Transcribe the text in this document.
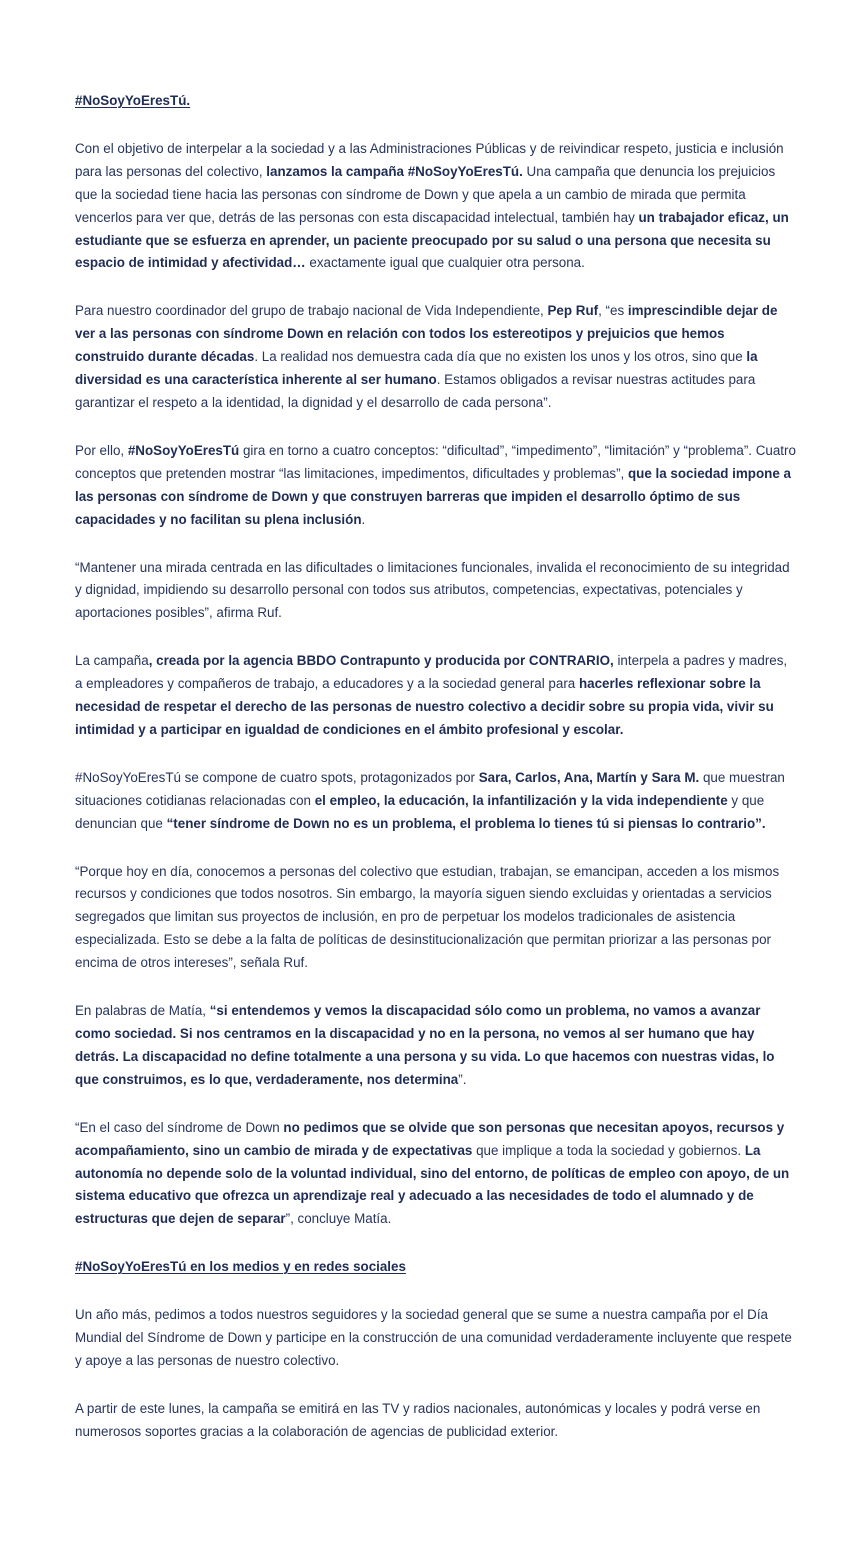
#NoSoyYoEresTú.

Con el objetivo de interpelar a la sociedad y a las Administraciones Públicas y de reivindicar respeto, justicia e inclusión para las personas del colectivo, lanzamos la campaña #NoSoyYoEresTú. Una campaña que denuncia los prejuicios que la sociedad tiene hacia las personas con síndrome de Down y que apela a un cambio de mirada que permita vencerlos para ver que, detrás de las personas con esta discapacidad intelectual, también hay un trabajador eficaz, un estudiante que se esfuerza en aprender, un paciente preocupado por su salud o una persona que necesita su espacio de intimidad y afectividad… exactamente igual que cualquier otra persona.

Para nuestro coordinador del grupo de trabajo nacional de Vida Independiente, Pep Ruf, “es imprescindible dejar de ver a las personas con síndrome Down en relación con todos los estereotipos y prejuicios que hemos construido durante décadas. La realidad nos demuestra cada día que no existen los unos y los otros, sino que la diversidad es una característica inherente al ser humano. Estamos obligados a revisar nuestras actitudes para garantizar el respeto a la identidad, la dignidad y el desarrollo de cada persona”.

Por ello, #NoSoyYoEresTú gira en torno a cuatro conceptos: “dificultad”, “impedimento”, “limitación” y “problema”. Cuatro conceptos que pretenden mostrar “las limitaciones, impedimentos, dificultades y problemas”, que la sociedad impone a las personas con síndrome de Down y que construyen barreras que impiden el desarrollo óptimo de sus capacidades y no facilitan su plena inclusión.

“Mantener una mirada centrada en las dificultades o limitaciones funcionales, invalida el reconocimiento de su integridad y dignidad, impidiendo su desarrollo personal con todos sus atributos, competencias, expectativas, potenciales y aportaciones posibles”, afirma Ruf.

La campaña, creada por la agencia BBDO Contrapunto y producida por CONTRARIO, interpela a padres y madres, a empleadores y compañeros de trabajo, a educadores y a la sociedad general para hacerles reflexionar sobre la necesidad de respetar el derecho de las personas de nuestro colectivo a decidir sobre su propia vida, vivir su intimidad y a participar en igualdad de condiciones en el ámbito profesional y escolar.

#NoSoyYoEresTú se compone de cuatro spots, protagonizados por Sara, Carlos, Ana, Martín y Sara M. que muestran situaciones cotidianas relacionadas con el empleo, la educación, la infantilización y la vida independiente y que denuncian que “tener síndrome de Down no es un problema, el problema lo tienes tú si piensas lo contrario”.

“Porque hoy en día, conocemos a personas del colectivo que estudian, trabajan, se emancipan, acceden a los mismos recursos y condiciones que todos nosotros. Sin embargo, la mayoría siguen siendo excluidas y orientadas a servicios segregados que limitan sus proyectos de inclusión, en pro de perpetuar los modelos tradicionales de asistencia especializada. Esto se debe a la falta de políticas de desinstitucionalización que permitan priorizar a las personas por encima de otros intereses”, señala Ruf.

En palabras de Matía, “si entendemos y vemos la discapacidad sólo como un problema, no vamos a avanzar como sociedad. Si nos centramos en la discapacidad y no en la persona, no vemos al ser humano que hay detrás. La discapacidad no define totalmente a una persona y su vida. Lo que hacemos con nuestras vidas, lo que construimos, es lo que, verdaderamente, nos determina”.

“En el caso del síndrome de Down no pedimos que se olvide que son personas que necesitan apoyos, recursos y acompañamiento, sino un cambio de mirada y de expectativas que implique a toda la sociedad y gobiernos. La autonomía no depende solo de la voluntad individual, sino del entorno, de políticas de empleo con apoyo, de un sistema educativo que ofrezca un aprendizaje real y adecuado a las necesidades de todo el alumnado y de estructuras que dejen de separar”, concluye Matía.

#NoSoyYoEresTú en los medios y en redes sociales

Un año más, pedimos a todos nuestros seguidores y la sociedad general que se sume a nuestra campaña por el Día Mundial del Síndrome de Down y participe en la construcción de una comunidad verdaderamente incluyente que respete y apoye a las personas de nuestro colectivo.

A partir de este lunes, la campaña se emitirá en las TV y radios nacionales, autonómicas y locales y podrá verse en numerosos soportes gracias a la colaboración de agencias de publicidad exterior.
